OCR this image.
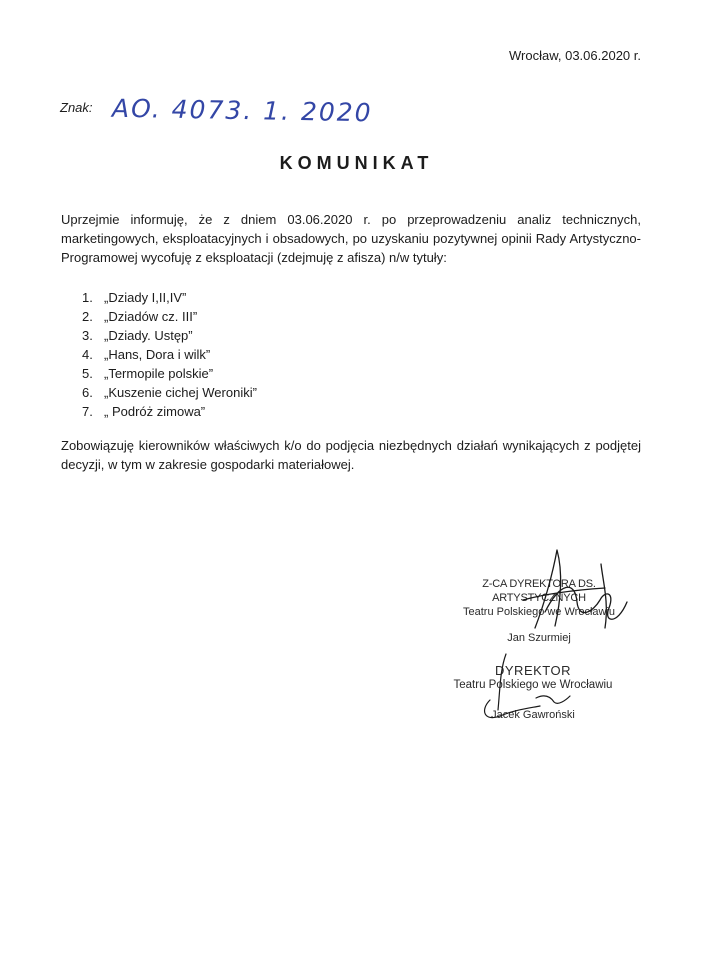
Wrocław, 03.06.2020 r.
Znak: AO. 4073. 1. 2020
KOMUNIKAT
Uprzejmie informuję, że z dniem 03.06.2020 r. po przeprowadzeniu analiz technicznych, marketingowych, eksploatacyjnych i obsadowych, po uzyskaniu pozytywnej opinii Rady Artystyczno-Programowej wycofuję z eksploatacji (zdejmuję z afisza) n/w tytuły:
1. „Dziady I,II,IV”
2. „Dziadów cz. III”
3. „Dziady. Ustęp”
4. „Hans, Dora i wilk”
5. „Termopile polskie”
6. „Kuszenie cichej Weroniki”
7. „ Podróż zimowa”
Zobowiązuję kierowników właściwych k/o do podjęcia niezbędnych działań wynikających z podjętej decyzji, w tym w zakresie gospodarki materiałowej.
Z-CA DYREKTORA DS. ARTYSTYCZNYCH
Teatru Polskiego we Wrocławiu
Jan Szurmiej
DYREKTOR
Teatru Polskiego we Wrocławiu
Jacek Gawroński
